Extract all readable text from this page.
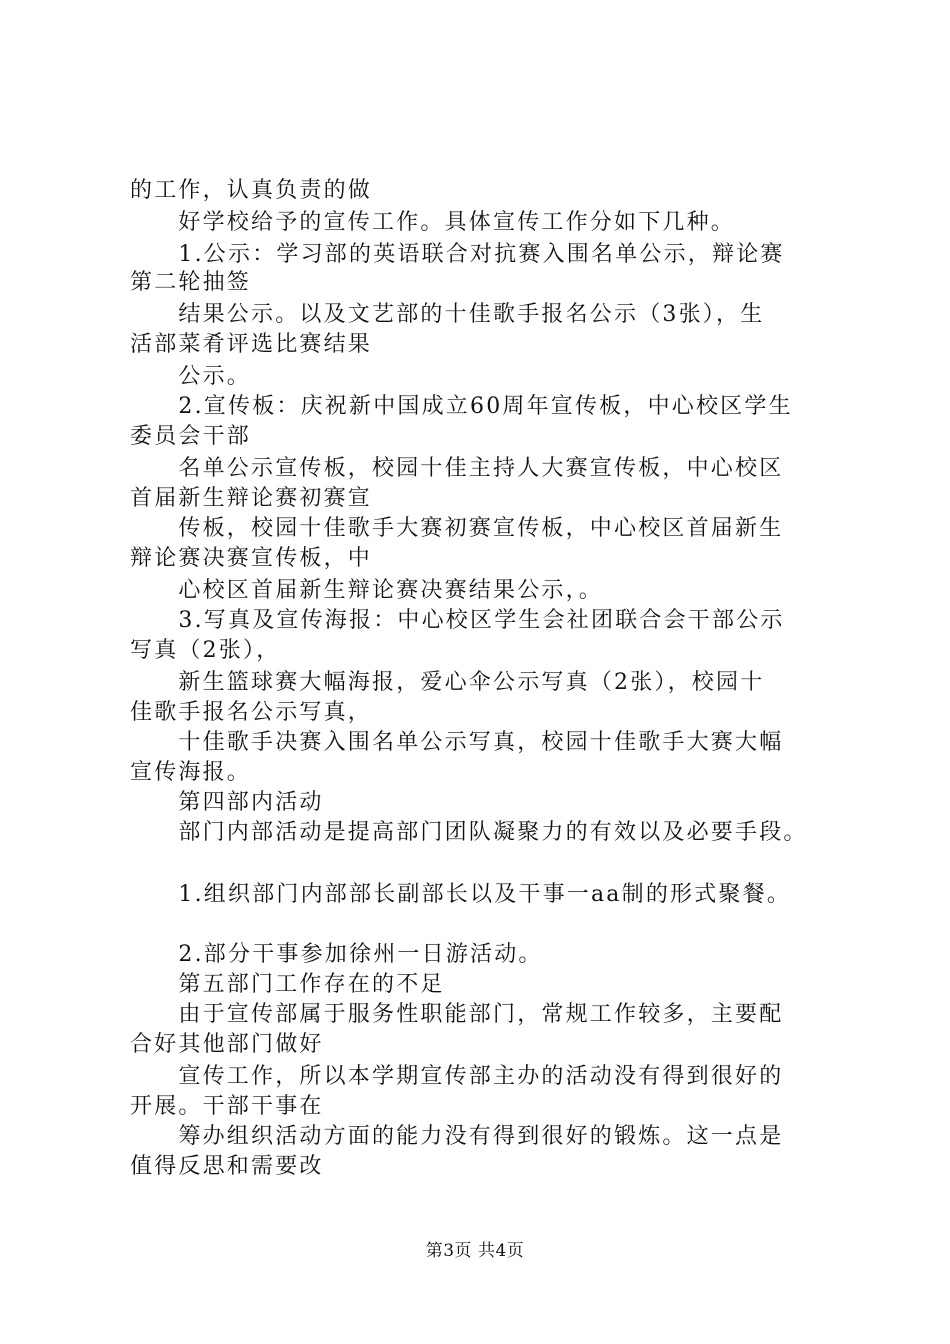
的工作，认真负责的做

　　好学校给予的宣传工作。具体宣传工作分如下几种。

　　1.公示：学习部的英语联合对抗赛入围名单公示，辩论赛

第二轮抽签

　　结果公示。以及文艺部的十佳歌手报名公示（3张），生

活部菜肴评选比赛结果

　　公示。

　　2.宣传板：庆祝新中国成立60周年宣传板，中心校区学生

委员会干部

　　名单公示宣传板，校园十佳主持人大赛宣传板，中心校区

首届新生辩论赛初赛宣

　　传板，校园十佳歌手大赛初赛宣传板，中心校区首届新生

辩论赛决赛宣传板，中

　　心校区首届新生辩论赛决赛结果公示，。

　　3.写真及宣传海报：中心校区学生会社团联合会干部公示

写真（2张），

　　新生篮球赛大幅海报，爱心伞公示写真（2张），校园十

佳歌手报名公示写真，

　　十佳歌手决赛入围名单公示写真，校园十佳歌手大赛大幅

宣传海报。

　　第四部内活动

　　部门内部活动是提高部门团队凝聚力的有效以及必要手段。

　　1.组织部门内部部长副部长以及干事一aa制的形式聚餐。

　　2.部分干事参加徐州一日游活动。

　　第五部门工作存在的不足

　　由于宣传部属于服务性职能部门，常规工作较多，主要配

合好其他部门做好

　　宣传工作，所以本学期宣传部主办的活动没有得到很好的

开展。干部干事在

　　筹办组织活动方面的能力没有得到很好的锻炼。这一点是

值得反思和需要改

第3页 共4页
